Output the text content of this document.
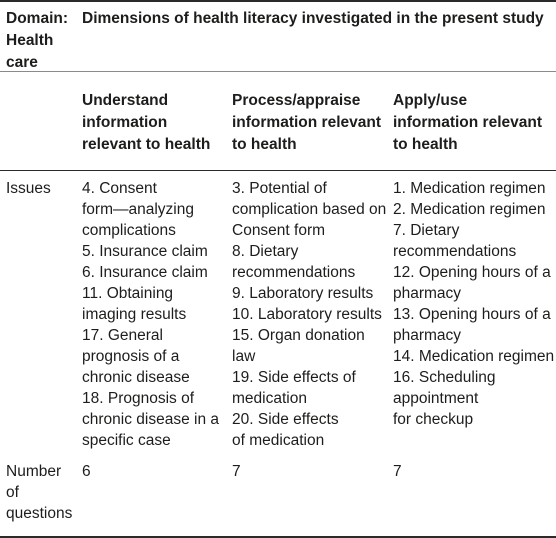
Domain:
Health
care
Dimensions of health literacy investigated in the present study
Understand
information
relevant to health
Process/appraise
information relevant
to health
Apply/use
information relevant
to health
Issues 4. Consent
form—analyzing
complications
5. Insurance claim
6. Insurance claim
11. Obtaining
imaging results
17. General
prognosis of a
chronic disease
18. Prognosis of
chronic disease in a
specific case
3. Potential of
complication based on
Consent form
8. Dietary
recommendations
9. Laboratory results
10. Laboratory results
15. Organ donation
law
19. Side effects of
medication
20. Side effects
of medication
1. Medication regimen
2. Medication regimen
7. Dietary
recommendations
12. Opening hours of a
pharmacy
13. Opening hours of a
pharmacy
14. Medication regimen
16. Scheduling
appointment
for checkup
Number
of
questions
6	7	7
